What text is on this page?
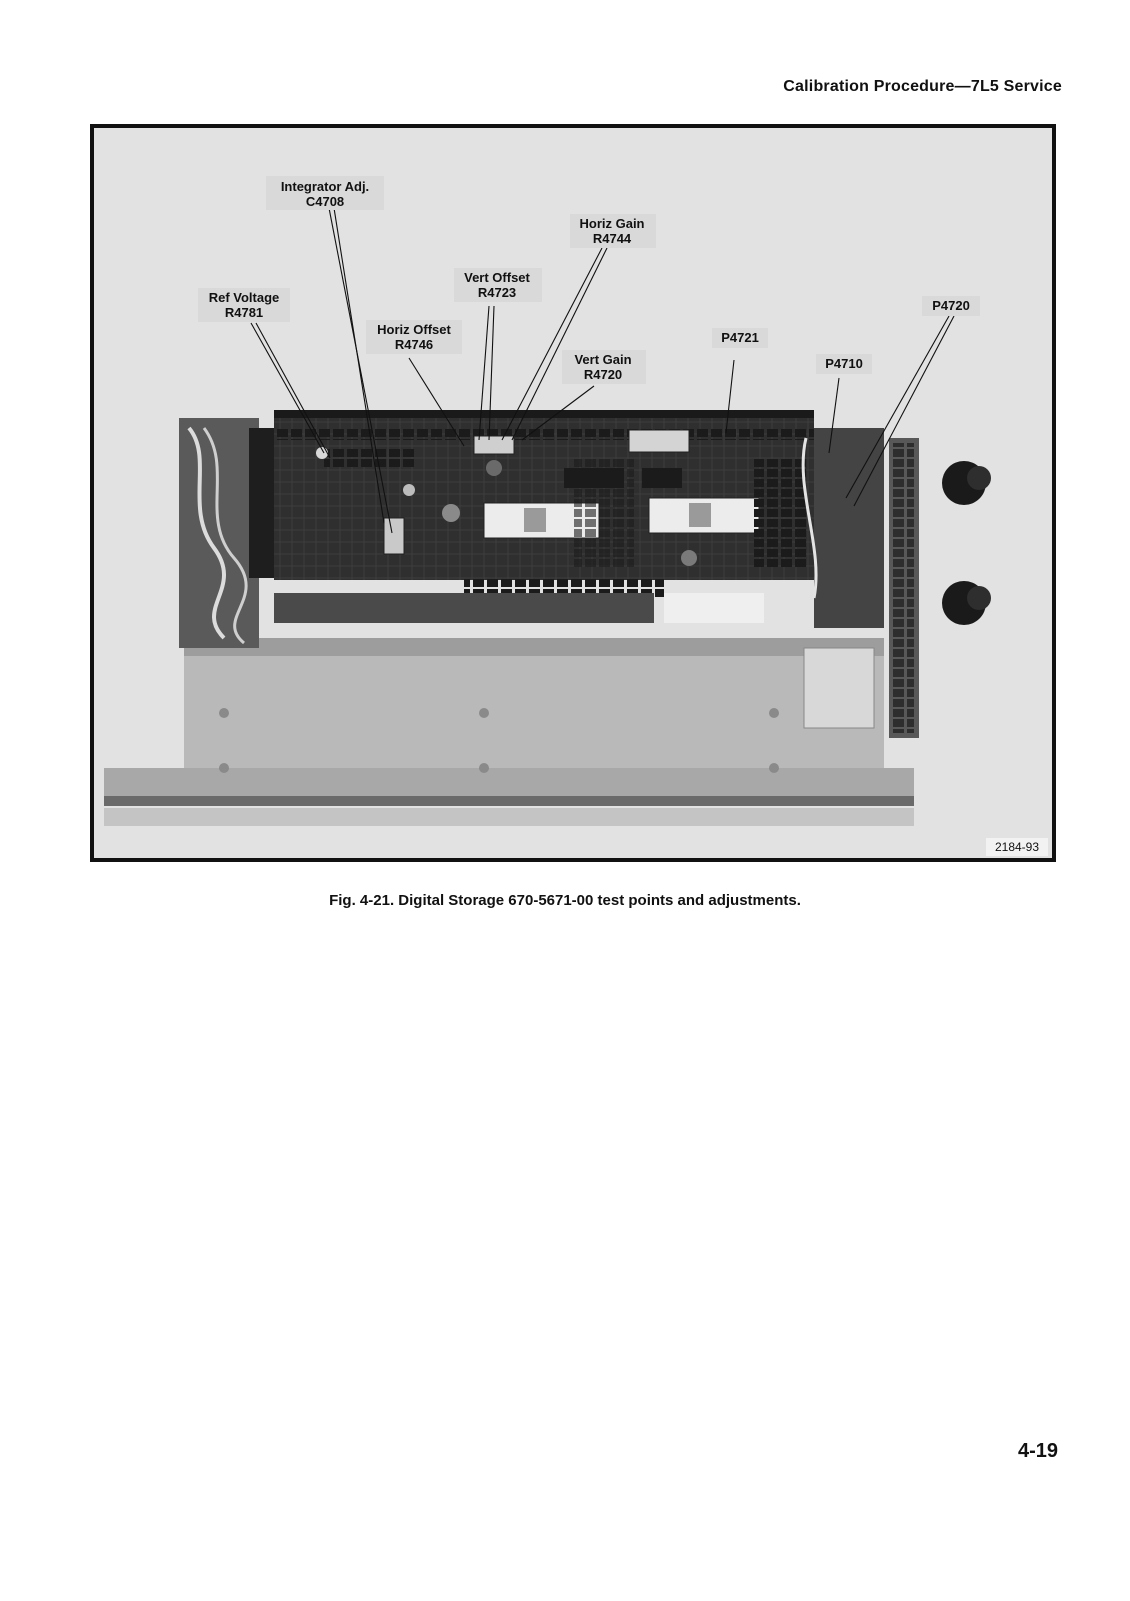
Calibration Procedure—7L5 Service
Integrator Adj.
C4708
Ref Voltage
R4781
Horiz Offset
R4746
Vert Offset
R4723
Horiz Gain
R4744
Vert Gain
R4720
P4721
P4710
P4720
2184-93
Fig. 4-21. Digital Storage 670-5671-00 test points and adjustments.
4-19
